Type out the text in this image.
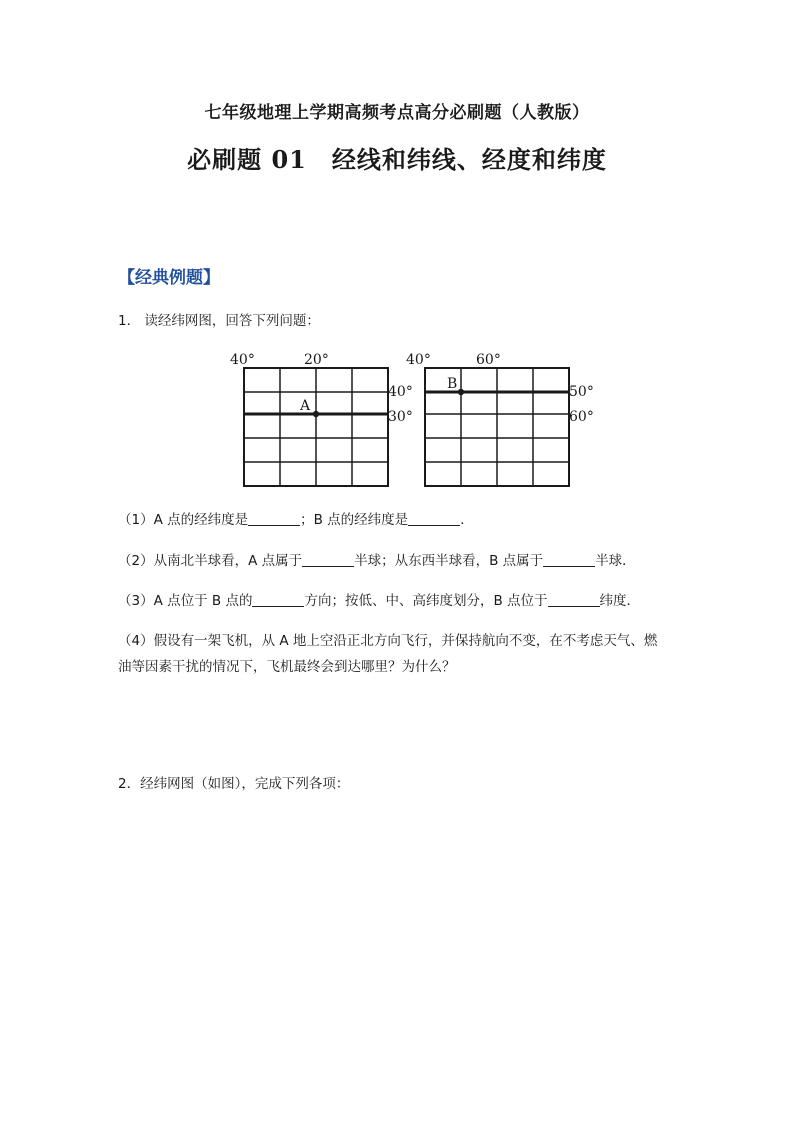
七年级地理上学期高频考点高分必刷题（人教版）
必刷题 01　经线和纬线、经度和纬度
【经典例题】
1． 读经纬网图，回答下列问题：
40°	20°
40°
30°
A
40°	60°
50°
60°
B
（1）A 点的经纬度是	；B 点的经纬度是	．
（2）从南北半球看，A 点属于	半球；从东西半球看，B 点属于	半球．
（3）A 点位于 B 点的	方向；按低、中、高纬度划分，B 点位于	纬度．
（4）假设有一架飞机，从 A 地上空沿正北方向飞行，并保持航向不变，在不考虑天气、燃
油等因素干扰的情况下，飞机最终会到达哪里？为什么？
2．经纬网图（如图），完成下列各项：
